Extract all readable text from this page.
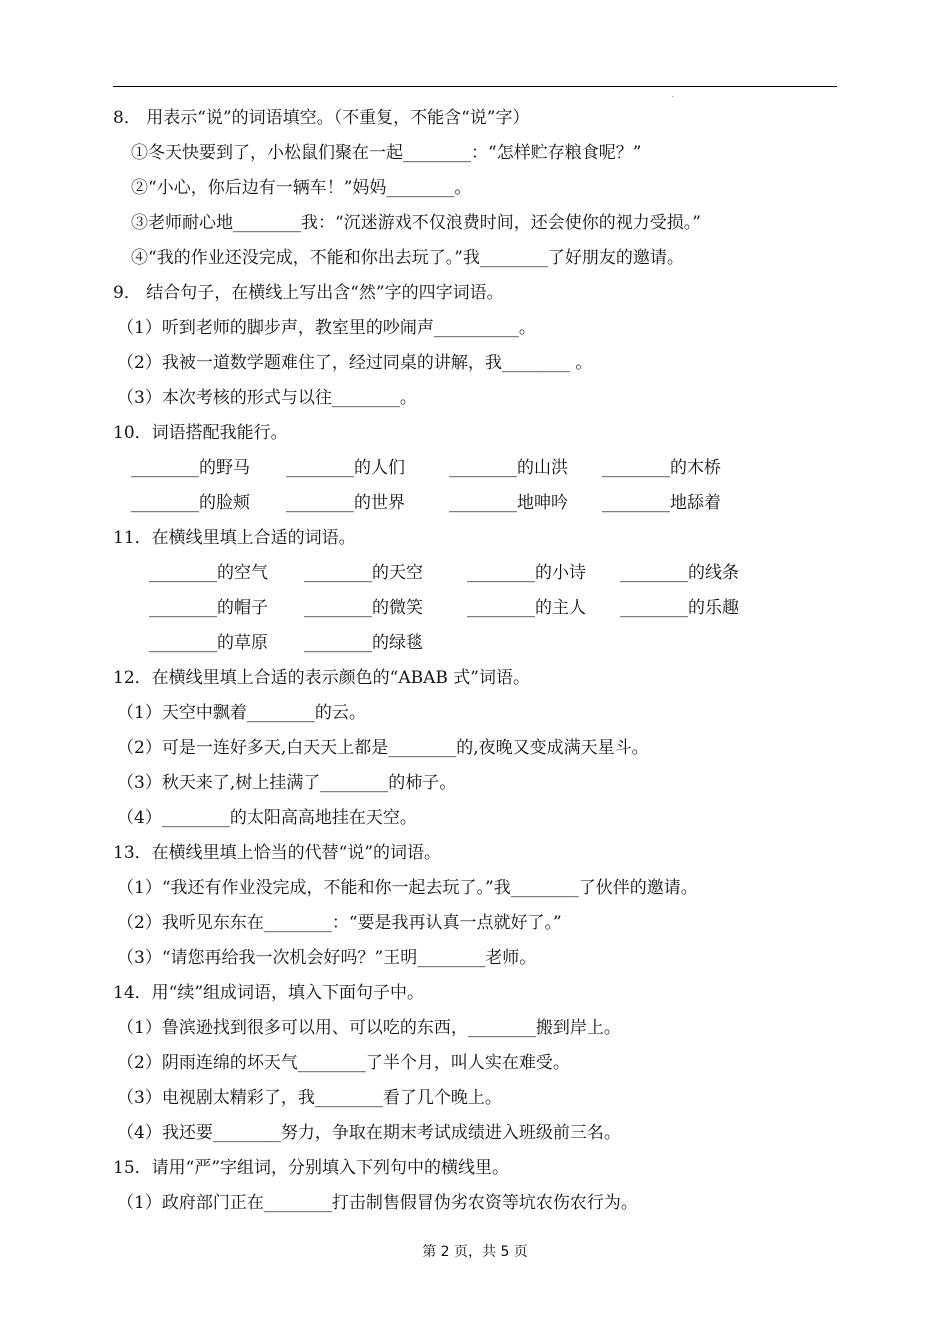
8． 用表示“说”的词语填空。（不重复，不能含“说”字）
①冬天快要到了，小松鼠们聚在一起________：“怎样贮存粮食呢？”
②“小心，你后边有一辆车！”妈妈________。
③老师耐心地________我：“沉迷游戏不仅浪费时间，还会使你的视力受损。”
④“我的作业还没完成，不能和你出去玩了。”我________了好朋友的邀请。
9． 结合句子，在横线上写出含“然”字的四字词语。
（1）听到老师的脚步声，教室里的吵闹声__________。
（2）我被一道数学题难住了，经过同桌的讲解，我________ 。
（3）本次考核的形式与以往________。
10．词语搭配我能行。
________的野马	________的人们	________的山洪	________的木桥
________的脸颊	________的世界	________地呻吟	________地舔着
11．在横线里填上合适的词语。
________的空气	________的天空	________的小诗	________的线条
________的帽子	________的微笑	________的主人	________的乐趣
________的草原	________的绿毯
12．在横线里填上合适的表示颜色的“ABAB 式”词语。
（1）天空中飘着________的云。
（2）可是一连好多天,白天天上都是________的,夜晚又变成满天星斗。
（3）秋天来了,树上挂满了________的柿子。
（4）________的太阳高高地挂在天空。
13．在横线里填上恰当的代替“说”的词语。
（1）“我还有作业没完成，不能和你一起去玩了。”我________了伙伴的邀请。
（2）我听见东东在________：“要是我再认真一点就好了。”
（3）“请您再给我一次机会好吗？”王明________老师。
14．用“续”组成词语，填入下面句子中。
（1）鲁滨逊找到很多可以用、可以吃的东西，________搬到岸上。
（2）阴雨连绵的坏天气________了半个月，叫人实在难受。
（3）电视剧太精彩了，我________看了几个晚上。
（4）我还要________努力，争取在期末考试成绩进入班级前三名。
15．请用“严”字组词，分别填入下列句中的横线里。
（1）政府部门正在________打击制售假冒伪劣农资等坑农伤农行为。
第 2 页，共 5 页
